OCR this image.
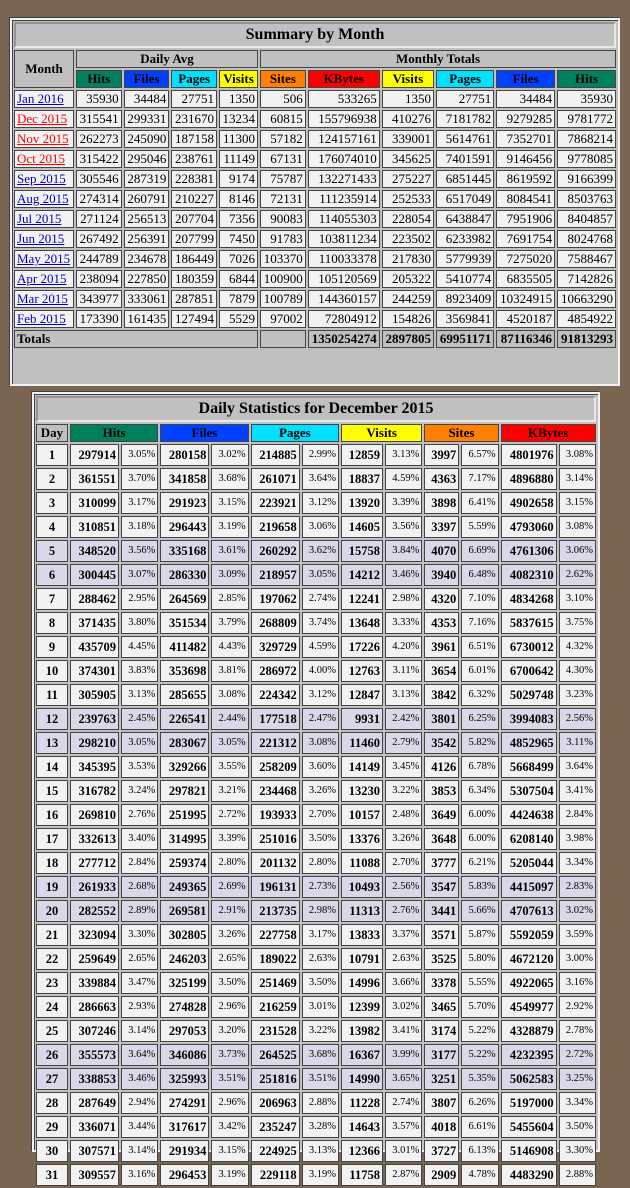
Summary by Month										
Month	Daily Avg				Monthly Totals					
	Hits	Files	Pages	Visits	Sites	KBytes	Visits	Pages	Files	Hits
Jan 2016	35930	34484	27751	1350	506	533265	1350	27751	34484	35930
Dec 2015	315541	299331	231670	13234	60815	155796938	410276	7181782	9279285	9781772
Nov 2015	262273	245090	187158	11300	57182	124157161	339001	5614761	7352701	7868214
Oct 2015	315422	295046	238761	11149	67131	176074010	345625	7401591	9146456	9778085
Sep 2015	305546	287319	228381	9174	75787	132271433	275227	6851445	8619592	9166399
Aug 2015	274314	260791	210227	8146	72131	111235914	252533	6517049	8084541	8503763
Jul 2015	271124	256513	207704	7356	90083	114055303	228054	6438847	7951906	8404857
Jun 2015	267492	256391	207799	7450	91783	103811234	223502	6233982	7691754	8024768
May 2015	244789	234678	186449	7026	103370	110033378	217830	5779939	7275020	7588467
Apr 2015	238094	227850	180359	6844	100900	105120569	205322	5410774	6835505	7142826
Mar 2015	343977	333061	287851	7879	100789	144360157	244259	8923409	10324915	10663290
Feb 2015	173390	161435	127494	5529	97002	72804912	154826	3569841	4520187	4854922
Totals						1350254274	2897805	69951171	87116346	91813293
Daily Statistics for December 2015												
Day	Hits		Files		Pages		Visits		Sites		KBytes	
1	297914	3.05%	280158	3.02%	214885	2.99%	12859	3.13%	3997	6.57%	4801976	3.08%
2	361551	3.70%	341858	3.68%	261071	3.64%	18837	4.59%	4363	7.17%	4896880	3.14%
3	310099	3.17%	291923	3.15%	223921	3.12%	13920	3.39%	3898	6.41%	4902658	3.15%
4	310851	3.18%	296443	3.19%	219658	3.06%	14605	3.56%	3397	5.59%	4793060	3.08%
5	348520	3.56%	335168	3.61%	260292	3.62%	15758	3.84%	4070	6.69%	4761306	3.06%
6	300445	3.07%	286330	3.09%	218957	3.05%	14212	3.46%	3940	6.48%	4082310	2.62%
7	288462	2.95%	264569	2.85%	197062	2.74%	12241	2.98%	4320	7.10%	4834268	3.10%
8	371435	3.80%	351534	3.79%	268809	3.74%	13648	3.33%	4353	7.16%	5837615	3.75%
9	435709	4.45%	411482	4.43%	329729	4.59%	17226	4.20%	3961	6.51%	6730012	4.32%
10	374301	3.83%	353698	3.81%	286972	4.00%	12763	3.11%	3654	6.01%	6700642	4.30%
11	305905	3.13%	285655	3.08%	224342	3.12%	12847	3.13%	3842	6.32%	5029748	3.23%
12	239763	2.45%	226541	2.44%	177518	2.47%	9931	2.42%	3801	6.25%	3994083	2.56%
13	298210	3.05%	283067	3.05%	221312	3.08%	11460	2.79%	3542	5.82%	4852965	3.11%
14	345395	3.53%	329266	3.55%	258209	3.60%	14149	3.45%	4126	6.78%	5668499	3.64%
15	316782	3.24%	297821	3.21%	234468	3.26%	13230	3.22%	3853	6.34%	5307504	3.41%
16	269810	2.76%	251995	2.72%	193933	2.70%	10157	2.48%	3649	6.00%	4424638	2.84%
17	332613	3.40%	314995	3.39%	251016	3.50%	13376	3.26%	3648	6.00%	6208140	3.98%
18	277712	2.84%	259374	2.80%	201132	2.80%	11088	2.70%	3777	6.21%	5205044	3.34%
19	261933	2.68%	249365	2.69%	196131	2.73%	10493	2.56%	3547	5.83%	4415097	2.83%
20	282552	2.89%	269581	2.91%	213735	2.98%	11313	2.76%	3441	5.66%	4707613	3.02%
21	323094	3.30%	302805	3.26%	227758	3.17%	13833	3.37%	3571	5.87%	5592059	3.59%
22	259649	2.65%	246203	2.65%	189022	2.63%	10791	2.63%	3525	5.80%	4672120	3.00%
23	339884	3.47%	325199	3.50%	251469	3.50%	14996	3.66%	3378	5.55%	4922065	3.16%
24	286663	2.93%	274828	2.96%	216259	3.01%	12399	3.02%	3465	5.70%	4549977	2.92%
25	307246	3.14%	297053	3.20%	231528	3.22%	13982	3.41%	3174	5.22%	4328879	2.78%
26	355573	3.64%	346086	3.73%	264525	3.68%	16367	3.99%	3177	5.22%	4232395	2.72%
27	338853	3.46%	325993	3.51%	251816	3.51%	14990	3.65%	3251	5.35%	5062583	3.25%
28	287649	2.94%	274291	2.96%	206963	2.88%	11228	2.74%	3807	6.26%	5197000	3.34%
29	336071	3.44%	317617	3.42%	235247	3.28%	14643	3.57%	4018	6.61%	5455604	3.50%
30	307571	3.14%	291934	3.15%	224925	3.13%	12366	3.01%	3727	6.13%	5146908	3.30%
31	309557	3.16%	296453	3.19%	229118	3.19%	11758	2.87%	2909	4.78%	4483290	2.88%
